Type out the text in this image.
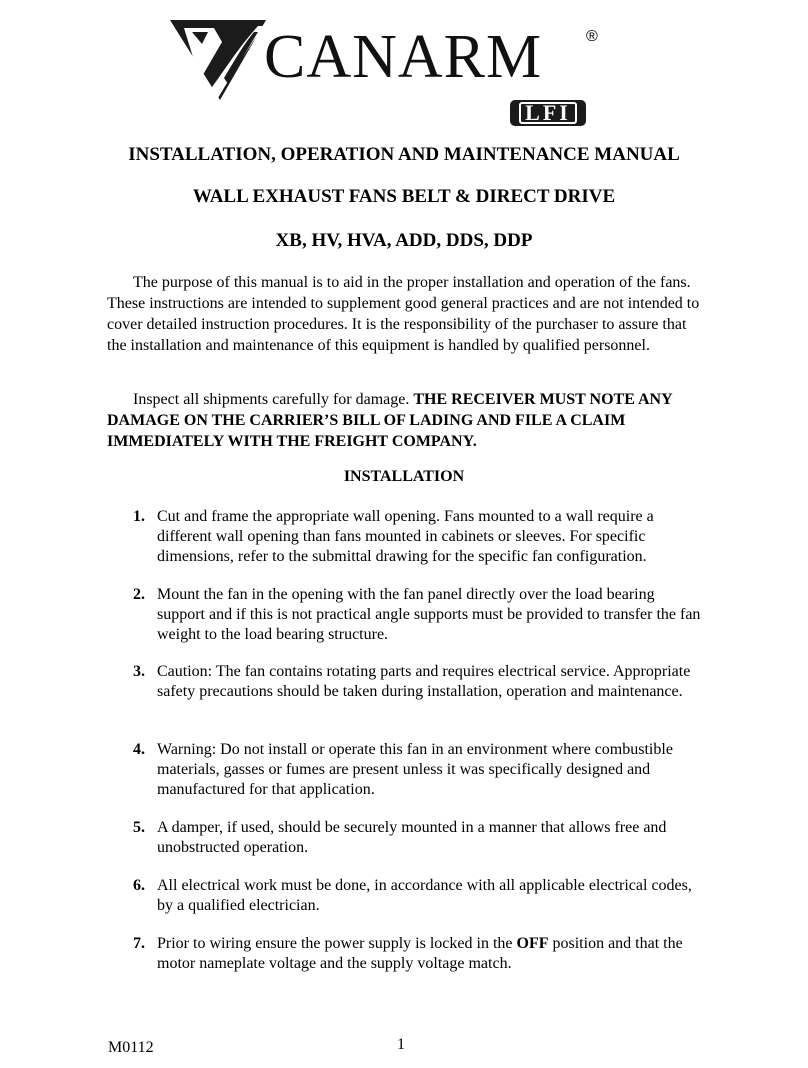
CANARM	®
LFI
INSTALLATION, OPERATION AND MAINTENANCE MANUAL
WALL EXHAUST FANS BELT & DIRECT DRIVE
XB, HV, HVA, ADD, DDS, DDP

The purpose of this manual is to aid in the proper installation and operation of the fans. These instructions are intended to supplement good general practices and are not intended to cover detailed instruction procedures. It is the responsibility of the purchaser to assure that the installation and maintenance of this equipment is handled by qualified personnel.

Inspect all shipments carefully for damage. THE RECEIVER MUST NOTE ANY DAMAGE ON THE CARRIER’S BILL OF LADING AND FILE A CLAIM IMMEDIATELY WITH THE FREIGHT COMPANY.

INSTALLATION
1. Cut and frame the appropriate wall opening. Fans mounted to a wall require a different wall opening than fans mounted in cabinets or sleeves. For specific dimensions, refer to the submittal drawing for the specific fan configuration.
2. Mount the fan in the opening with the fan panel directly over the load bearing support and if this is not practical angle supports must be provided to transfer the fan weight to the load bearing structure.
3. Caution: The fan contains rotating parts and requires electrical service. Appropriate safety precautions should be taken during installation, operation and maintenance.
4. Warning: Do not install or operate this fan in an environment where combustible materials, gasses or fumes are present unless it was specifically designed and manufactured for that application.
5. A damper, if used, should be securely mounted in a manner that allows free and unobstructed operation.
6. All electrical work must be done, in accordance with all applicable electrical codes, by a qualified electrician.
7. Prior to wiring ensure the power supply is locked in the OFF position and that the motor nameplate voltage and the supply voltage match.
M0112	1
